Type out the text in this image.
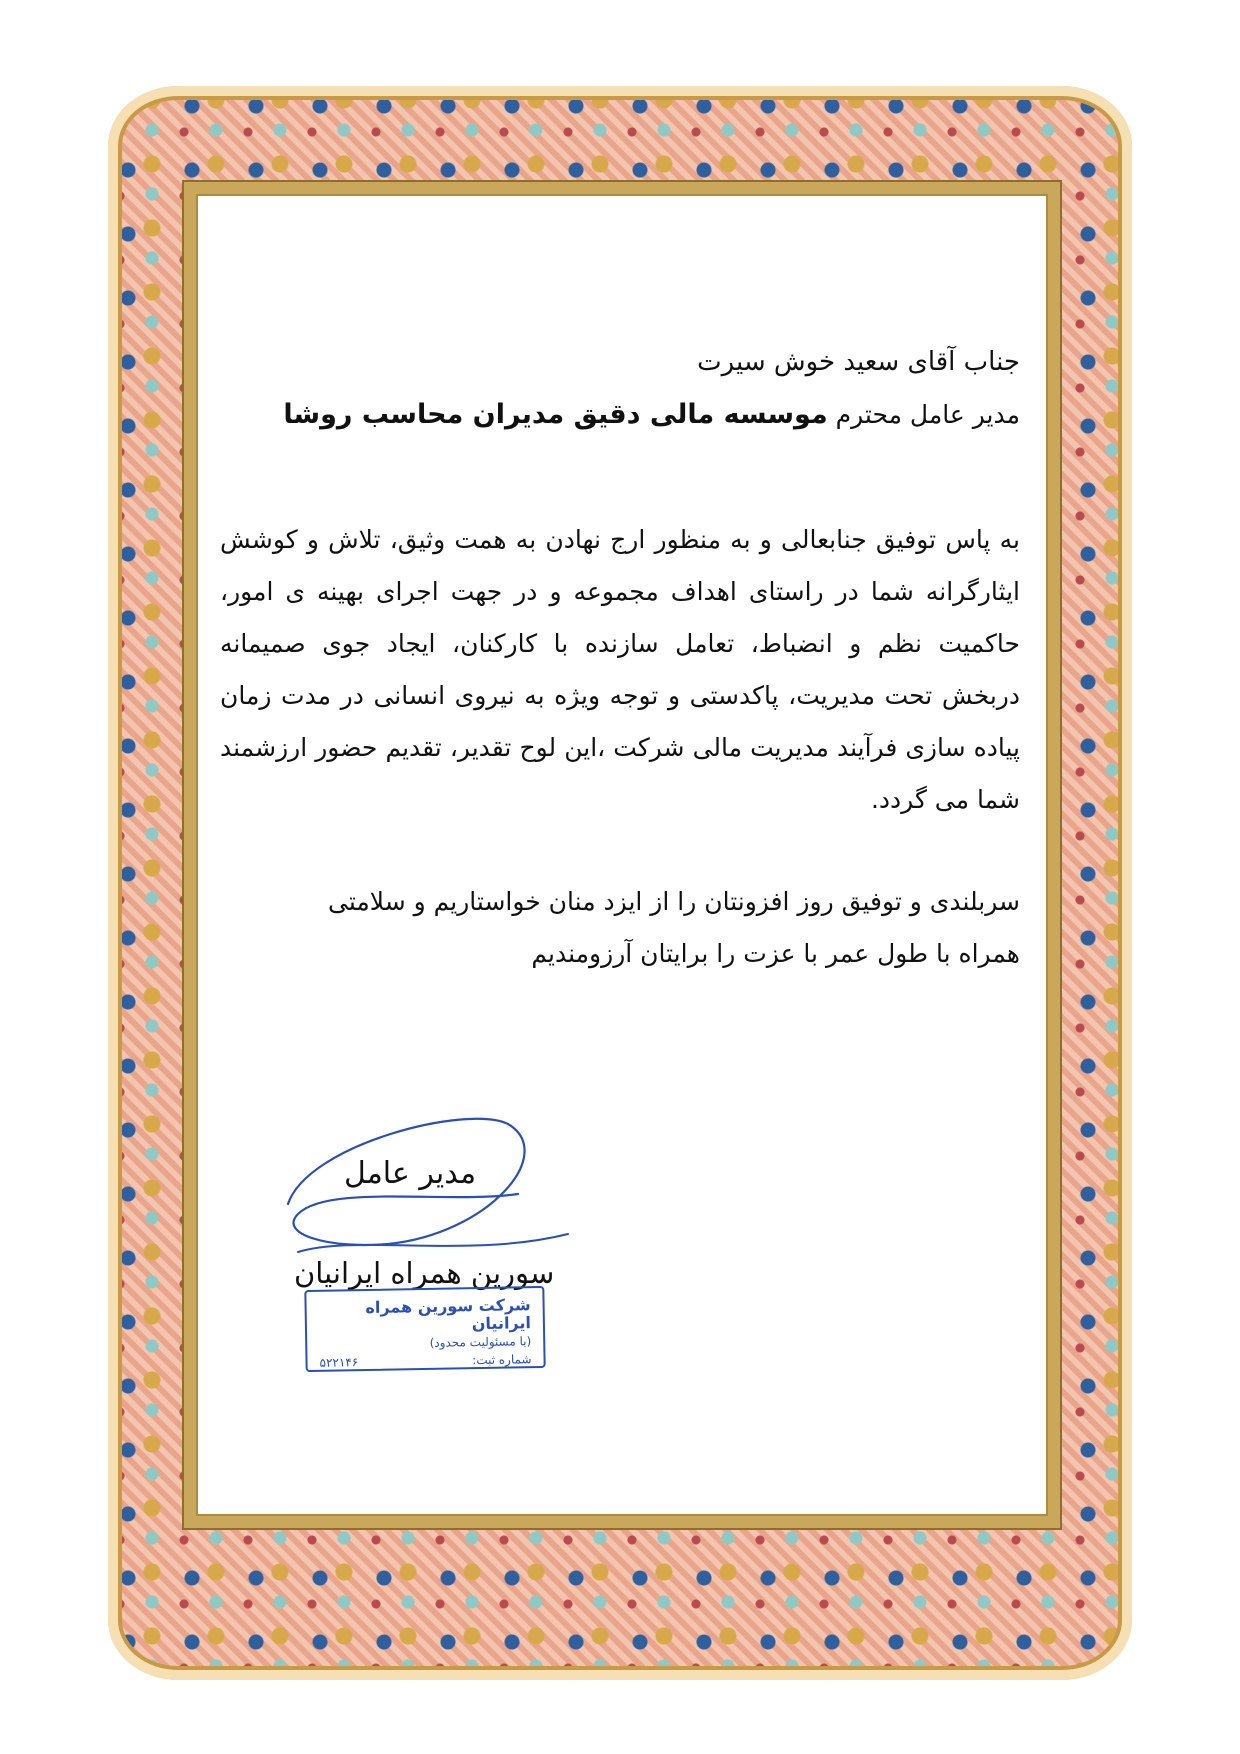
جناب آقای سعید خوش سیرت

مدیر عامل محترم موسسه مالی دقیق مدیران محاسب روشا

به پاس توفیق جنابعالی و به منظور ارج نهادن به همت وثیق، تلاش و کوشش ایثارگرانه شما در راستای اهداف مجموعه و در جهت اجرای بهینه ی امور، حاکمیت نظم و انضباط، تعامل سازنده با کارکنان، ایجاد جوی صمیمانه دربخش تحت مدیریت، پاکدستی و توجه ویژه به نیروی انسانی در مدت زمان پیاده سازی فرآیند مدیریت مالی شرکت ،این لوح تقدیر، تقدیم حضور ارزشمند شما می گردد.

سربلندی و توفیق روز افزونتان را از ایزد منان خواستاریم و سلامتی
همراه با طول عمر با عزت را برایتان آرزومندیم

مدیر عامل

سورین همراه ایرانیان

شرکت سورین همراه ایرانیان
(با مسئولیت محدود)
شماره ثبت:
۵۲۲۱۴۶
